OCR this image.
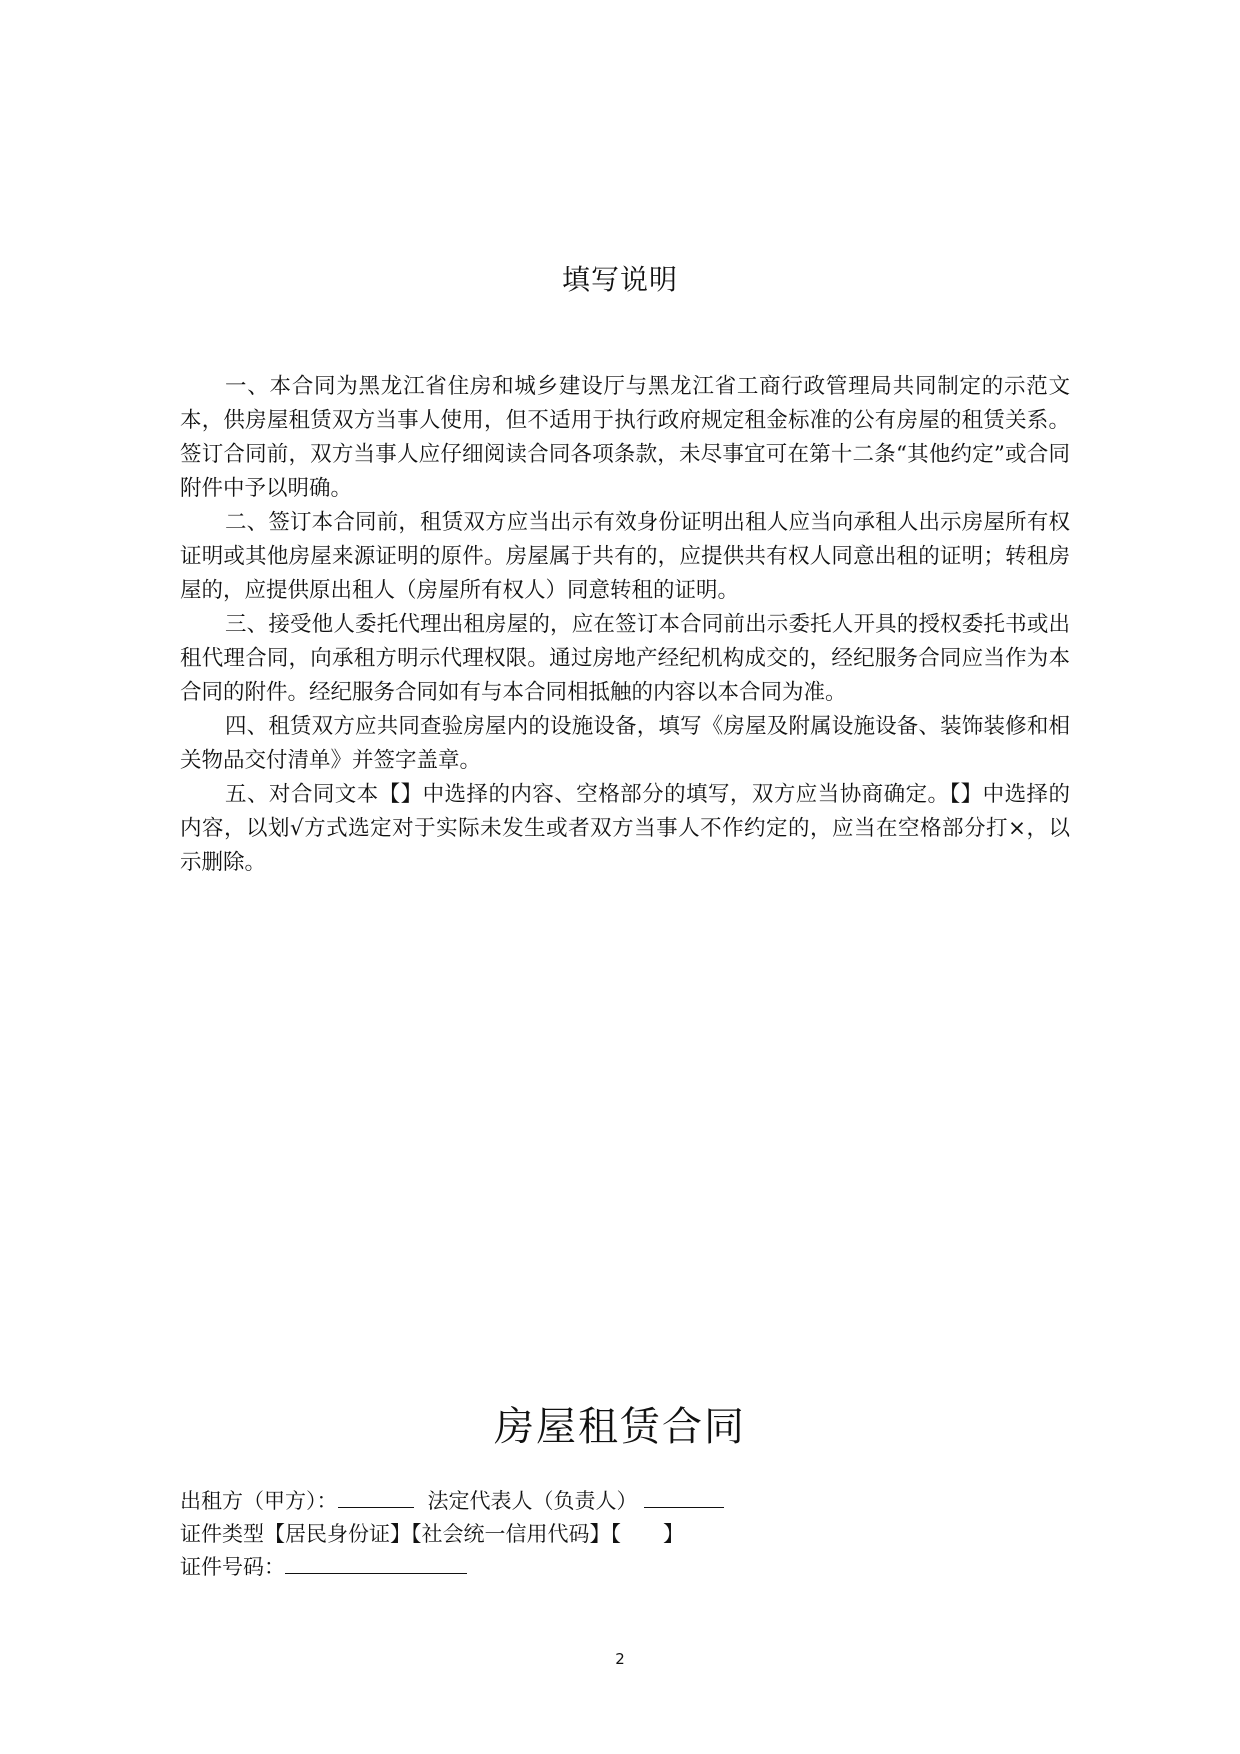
填写说明

一、本合同为黑龙江省住房和城乡建设厅与黑龙江省工商行政管理局共同制定的示范文本，供房屋租赁双方当事人使用，但不适用于执行政府规定租金标准的公有房屋的租赁关系。签订合同前，双方当事人应仔细阅读合同各项条款，未尽事宜可在第十二条“其他约定”或合同附件中予以明确。

二、签订本合同前，租赁双方应当出示有效身份证明出租人应当向承租人出示房屋所有权证明或其他房屋来源证明的原件。房屋属于共有的，应提供共有权人同意出租的证明；转租房屋的，应提供原出租人（房屋所有权人）同意转租的证明。

三、接受他人委托代理出租房屋的，应在签订本合同前出示委托人开具的授权委托书或出租代理合同，向承租方明示代理权限。通过房地产经纪机构成交的，经纪服务合同应当作为本合同的附件。经纪服务合同如有与本合同相抵触的内容以本合同为准。

四、租赁双方应共同查验房屋内的设施设备，填写《房屋及附属设施设备、装饰装修和相关物品交付清单》并签字盖章。

五、对合同文本【】中选择的内容、空格部分的填写，双方应当协商确定。【】中选择的内容，以划√方式选定对于实际未发生或者双方当事人不作约定的，应当在空格部分打×，以示删除。

房屋租赁合同
出租方（甲方）：	法定代表人（负责人）
证件类型【居民身份证】【社会统一信用代码】【　　】
证件号码：
2
